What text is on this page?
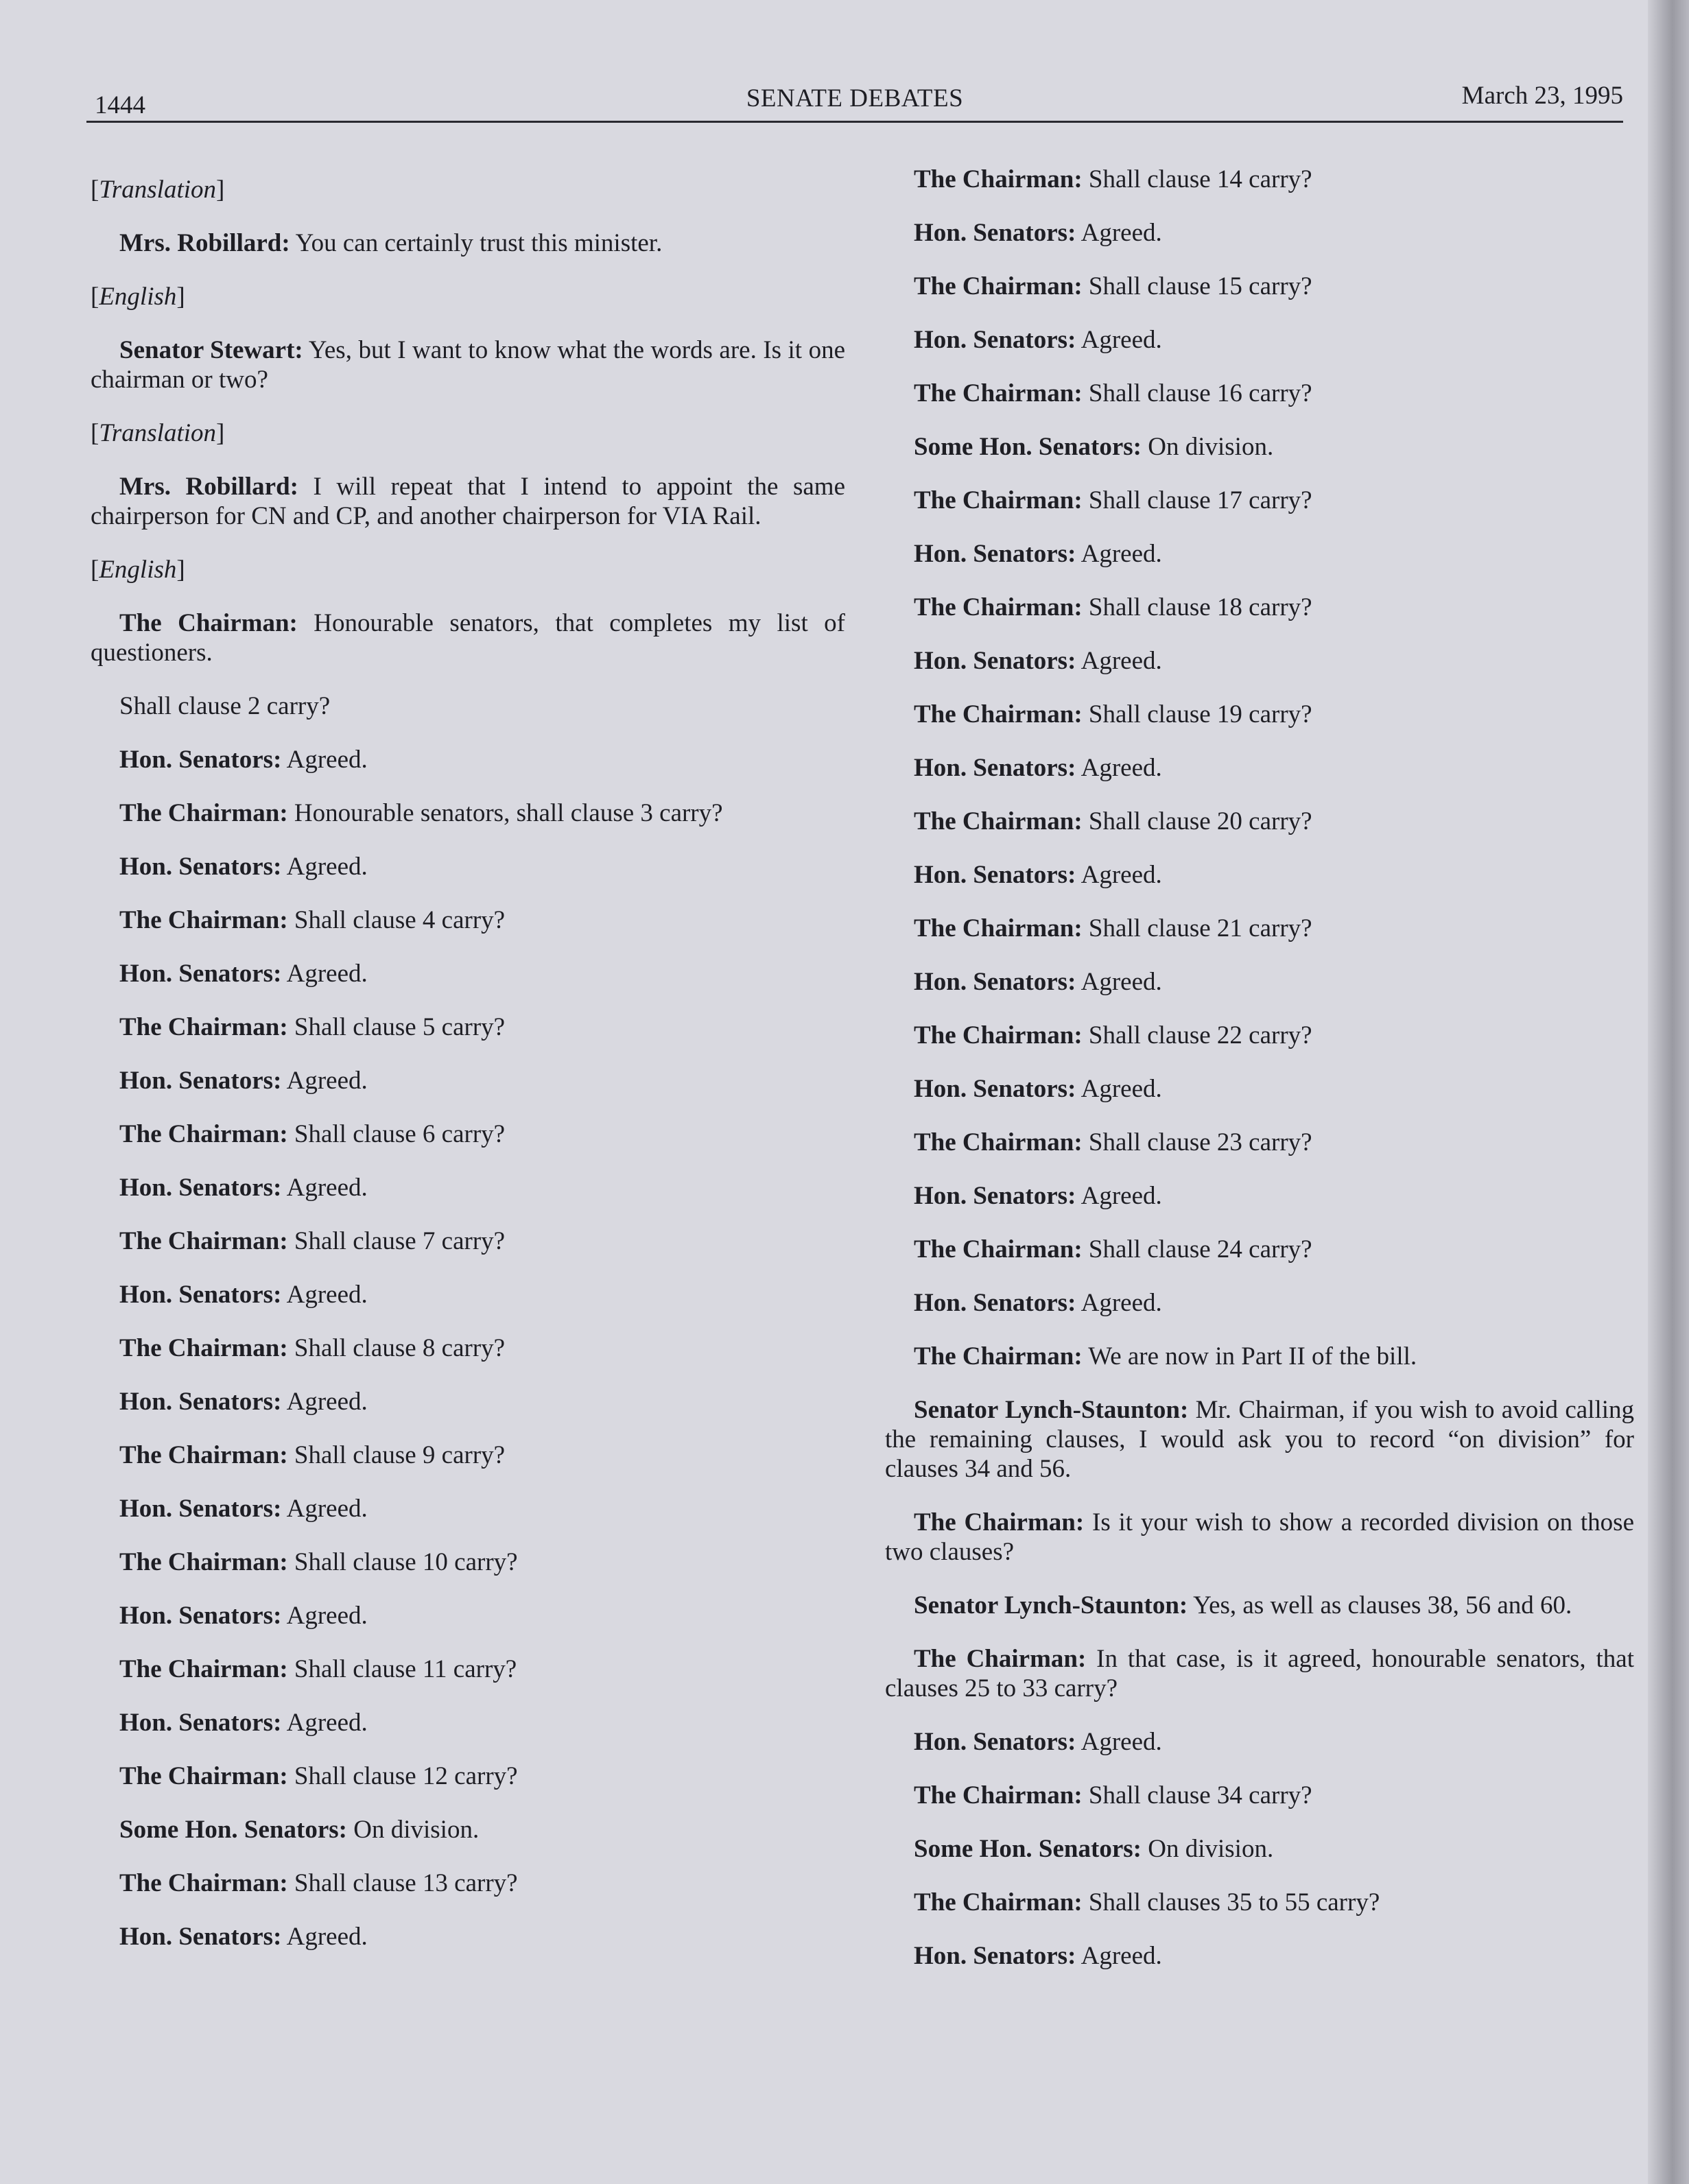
1444	SENATE DEBATES	March 23, 1995

[Translation]

Mrs. Robillard: You can certainly trust this minister.

[English]

Senator Stewart: Yes, but I want to know what the words are. Is it one chairman or two?

[Translation]

Mrs. Robillard: I will repeat that I intend to appoint the same chairperson for CN and CP, and another chairperson for VIA Rail.

[English]

The Chairman: Honourable senators, that completes my list of questioners.

Shall clause 2 carry?

Hon. Senators: Agreed.

The Chairman: Honourable senators, shall clause 3 carry?

Hon. Senators: Agreed.

The Chairman: Shall clause 4 carry?

Hon. Senators: Agreed.

The Chairman: Shall clause 5 carry?

Hon. Senators: Agreed.

The Chairman: Shall clause 6 carry?

Hon. Senators: Agreed.

The Chairman: Shall clause 7 carry?

Hon. Senators: Agreed.

The Chairman: Shall clause 8 carry?

Hon. Senators: Agreed.

The Chairman: Shall clause 9 carry?

Hon. Senators: Agreed.

The Chairman: Shall clause 10 carry?

Hon. Senators: Agreed.

The Chairman: Shall clause 11 carry?

Hon. Senators: Agreed.

The Chairman: Shall clause 12 carry?

Some Hon. Senators: On division.

The Chairman: Shall clause 13 carry?

Hon. Senators: Agreed.

The Chairman: Shall clause 14 carry?

Hon. Senators: Agreed.

The Chairman: Shall clause 15 carry?

Hon. Senators: Agreed.

The Chairman: Shall clause 16 carry?

Some Hon. Senators: On division.

The Chairman: Shall clause 17 carry?

Hon. Senators: Agreed.

The Chairman: Shall clause 18 carry?

Hon. Senators: Agreed.

The Chairman: Shall clause 19 carry?

Hon. Senators: Agreed.

The Chairman: Shall clause 20 carry?

Hon. Senators: Agreed.

The Chairman: Shall clause 21 carry?

Hon. Senators: Agreed.

The Chairman: Shall clause 22 carry?

Hon. Senators: Agreed.

The Chairman: Shall clause 23 carry?

Hon. Senators: Agreed.

The Chairman: Shall clause 24 carry?

Hon. Senators: Agreed.

The Chairman: We are now in Part II of the bill.

Senator Lynch-Staunton: Mr. Chairman, if you wish to avoid calling the remaining clauses, I would ask you to record “on division” for clauses 34 and 56.

The Chairman: Is it your wish to show a recorded division on those two clauses?

Senator Lynch-Staunton: Yes, as well as clauses 38, 56 and 60.

The Chairman: In that case, is it agreed, honourable senators, that clauses 25 to 33 carry?

Hon. Senators: Agreed.

The Chairman: Shall clause 34 carry?

Some Hon. Senators: On division.

The Chairman: Shall clauses 35 to 55 carry?

Hon. Senators: Agreed.
